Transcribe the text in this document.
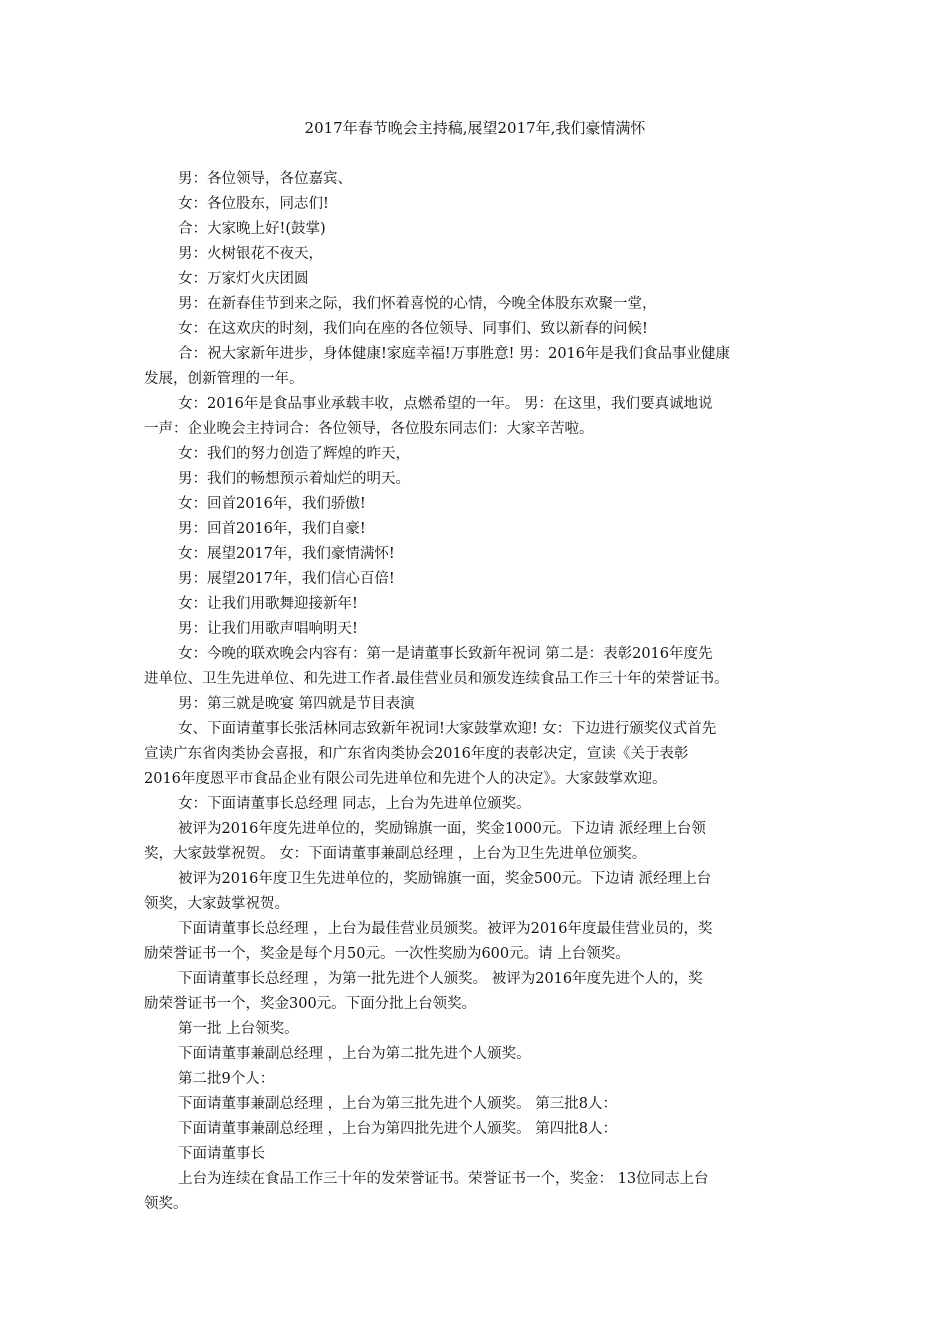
2017年春节晚会主持稿,展望2017年,我们豪情满怀
男：各位领导，各位嘉宾、
女：各位股东，同志们!
合：大家晚上好!(鼓掌)
男：火树银花不夜天，
女：万家灯火庆团圆
男：在新春佳节到来之际，我们怀着喜悦的心情，今晚全体股东欢聚一堂，
女：在这欢庆的时刻，我们向在座的各位领导、同事们、致以新春的问候!
合：祝大家新年进步，身体健康!家庭幸福!万事胜意! 男：2016年是我们食品事业健康
发展，创新管理的一年。
女：2016年是食品事业承载丰收，点燃希望的一年。 男：在这里，我们要真诚地说
一声：企业晚会主持词合：各位领导，各位股东同志们：大家辛苦啦。
女：我们的努力创造了辉煌的昨天，
男：我们的畅想预示着灿烂的明天。
女：回首2016年，我们骄傲!
男：回首2016年，我们自豪!
女：展望2017年，我们豪情满怀!
男：展望2017年，我们信心百倍!
女：让我们用歌舞迎接新年!
男：让我们用歌声唱响明天!
女：今晚的联欢晚会内容有：第一是请董事长致新年祝词 第二是：表彰2016年度先
进单位、卫生先进单位、和先进工作者.最佳营业员和颁发连续食品工作三十年的荣誉证书。
男：第三就是晚宴 第四就是节目表演
女、下面请董事长张活林同志致新年祝词!大家鼓掌欢迎! 女：下边进行颁奖仪式首先
宣读广东省肉类协会喜报，和广东省肉类协会2016年度的表彰决定，宣读《关于表彰
2016年度恩平市食品企业有限公司先进单位和先进个人的决定》。大家鼓掌欢迎。
女：下面请董事长总经理 同志，上台为先进单位颁奖。
被评为2016年度先进单位的，奖励锦旗一面，奖金1000元。下边请 派经理上台领
奖，大家鼓掌祝贺。 女：下面请董事兼副总经理 ，上台为卫生先进单位颁奖。
被评为2016年度卫生先进单位的，奖励锦旗一面，奖金500元。下边请 派经理上台
领奖，大家鼓掌祝贺。
下面请董事长总经理 ，上台为最佳营业员颁奖。被评为2016年度最佳营业员的，奖
励荣誉证书一个，奖金是每个月50元。一次性奖励为600元。请 上台领奖。
下面请董事长总经理 ，为第一批先进个人颁奖。 被评为2016年度先进个人的，奖
励荣誉证书一个，奖金300元。下面分批上台领奖。
第一批 上台领奖。
下面请董事兼副总经理 ，上台为第二批先进个人颁奖。
第二批9个人：
下面请董事兼副总经理 ，上台为第三批先进个人颁奖。 第三批8人：
下面请董事兼副总经理 ，上台为第四批先进个人颁奖。 第四批8人：
下面请董事长
上台为连续在食品工作三十年的发荣誉证书。荣誉证书一个，奖金： 13位同志上台
领奖。
